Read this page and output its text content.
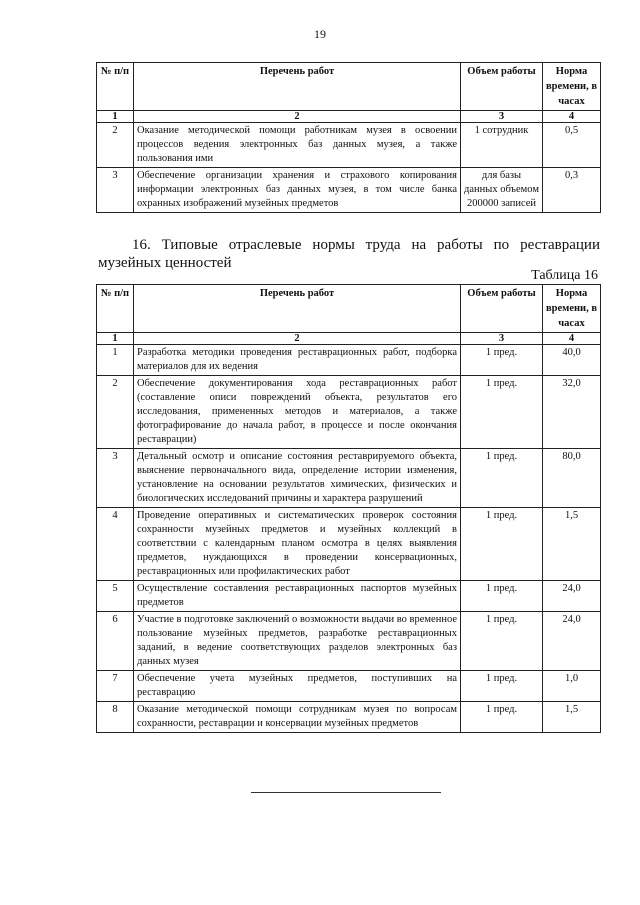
19
№ п/п	Перечень работ	Объем работы	Норма времени, в часах
1	2	3	4
2	Оказание методической помощи работникам музея в освоении процессов ведения электронных баз данных музея, а также пользования ими	1 сотрудник	0,5
3	Обеспечение организации хранения и страхового копирования информации электронных баз данных музея, в том числе банка охранных изображений музейных предметов	для базы данных объемом 200000 записей	0,3
16. Типовые отраслевые нормы труда на работы по реставрации музейных ценностей
Таблица 16
№ п/п	Перечень работ	Объем работы	Норма времени, в часах
1	2	3	4
1	Разработка методики проведения реставрационных работ, подборка материалов для их ведения	1 пред.	40,0
2	Обеспечение документирования хода реставрационных работ (составление описи повреждений объекта, результатов его исследования, примененных методов и материалов, а также фотографирование до начала работ, в процессе и после окончания реставрации)	1 пред.	32,0
3	Детальный осмотр и описание состояния реставрируемого объекта, выяснение первоначального вида, определение истории изменения, установление на основании результатов химических, физических и биологических исследований причины и характера разрушений	1 пред.	80,0
4	Проведение оперативных и систематических проверок состояния сохранности музейных предметов и музейных коллекций в соответствии с календарным планом осмотра в целях выявления предметов, нуждающихся в проведении консервационных, реставрационных или профилактических работ	1 пред.	1,5
5	Осуществление составления реставрационных паспортов музейных предметов	1 пред.	24,0
6	Участие в подготовке заключений о возможности выдачи во временное пользование музейных предметов, разработке реставрационных заданий, в ведение соответствующих разделов электронных баз данных музея	1 пред.	24,0
7	Обеспечение учета музейных предметов, поступивших на реставрацию	1 пред.	1,0
8	Оказание методической помощи сотрудникам музея по вопросам сохранности, реставрации и консервации музейных предметов	1 пред.	1,5
